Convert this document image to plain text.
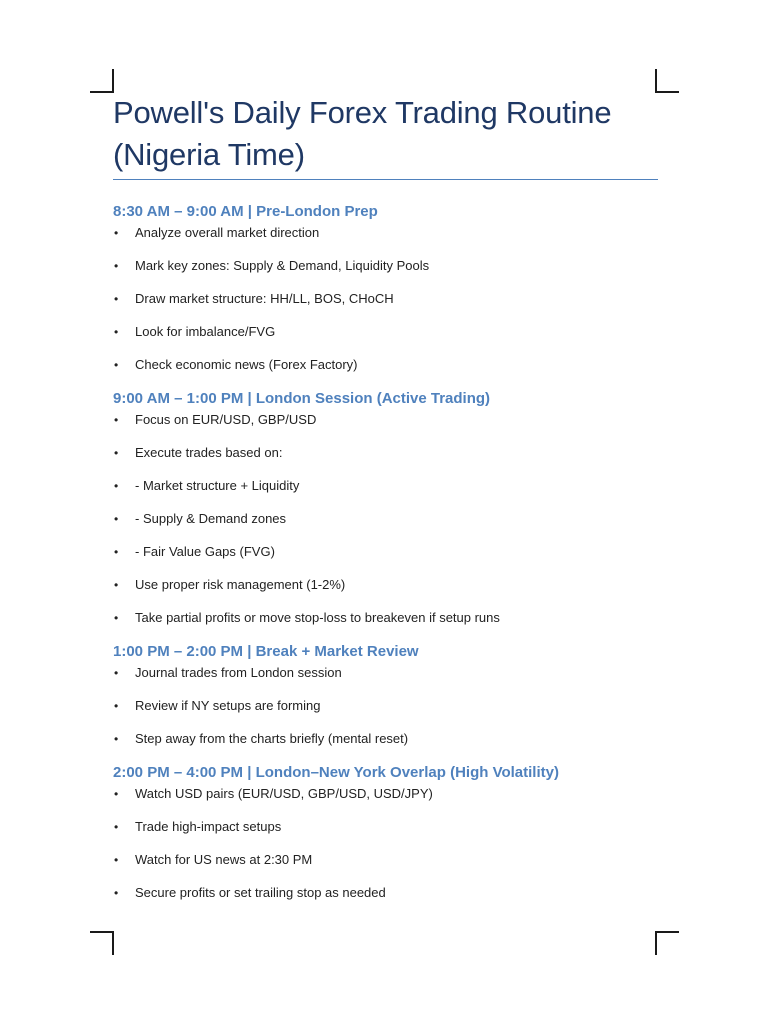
Powell's Daily Forex Trading Routine (Nigeria Time)
8:30 AM – 9:00 AM | Pre-London Prep
• Analyze overall market direction
• Mark key zones: Supply & Demand, Liquidity Pools
• Draw market structure: HH/LL, BOS, CHoCH
• Look for imbalance/FVG
• Check economic news (Forex Factory)
9:00 AM – 1:00 PM | London Session (Active Trading)
• Focus on EUR/USD, GBP/USD
• Execute trades based on:
• - Market structure + Liquidity
• - Supply & Demand zones
• - Fair Value Gaps (FVG)
• Use proper risk management (1-2%)
• Take partial profits or move stop-loss to breakeven if setup runs
1:00 PM – 2:00 PM | Break + Market Review
• Journal trades from London session
• Review if NY setups are forming
• Step away from the charts briefly (mental reset)
2:00 PM – 4:00 PM | London–New York Overlap (High Volatility)
• Watch USD pairs (EUR/USD, GBP/USD, USD/JPY)
• Trade high-impact setups
• Watch for US news at 2:30 PM
• Secure profits or set trailing stop as needed
